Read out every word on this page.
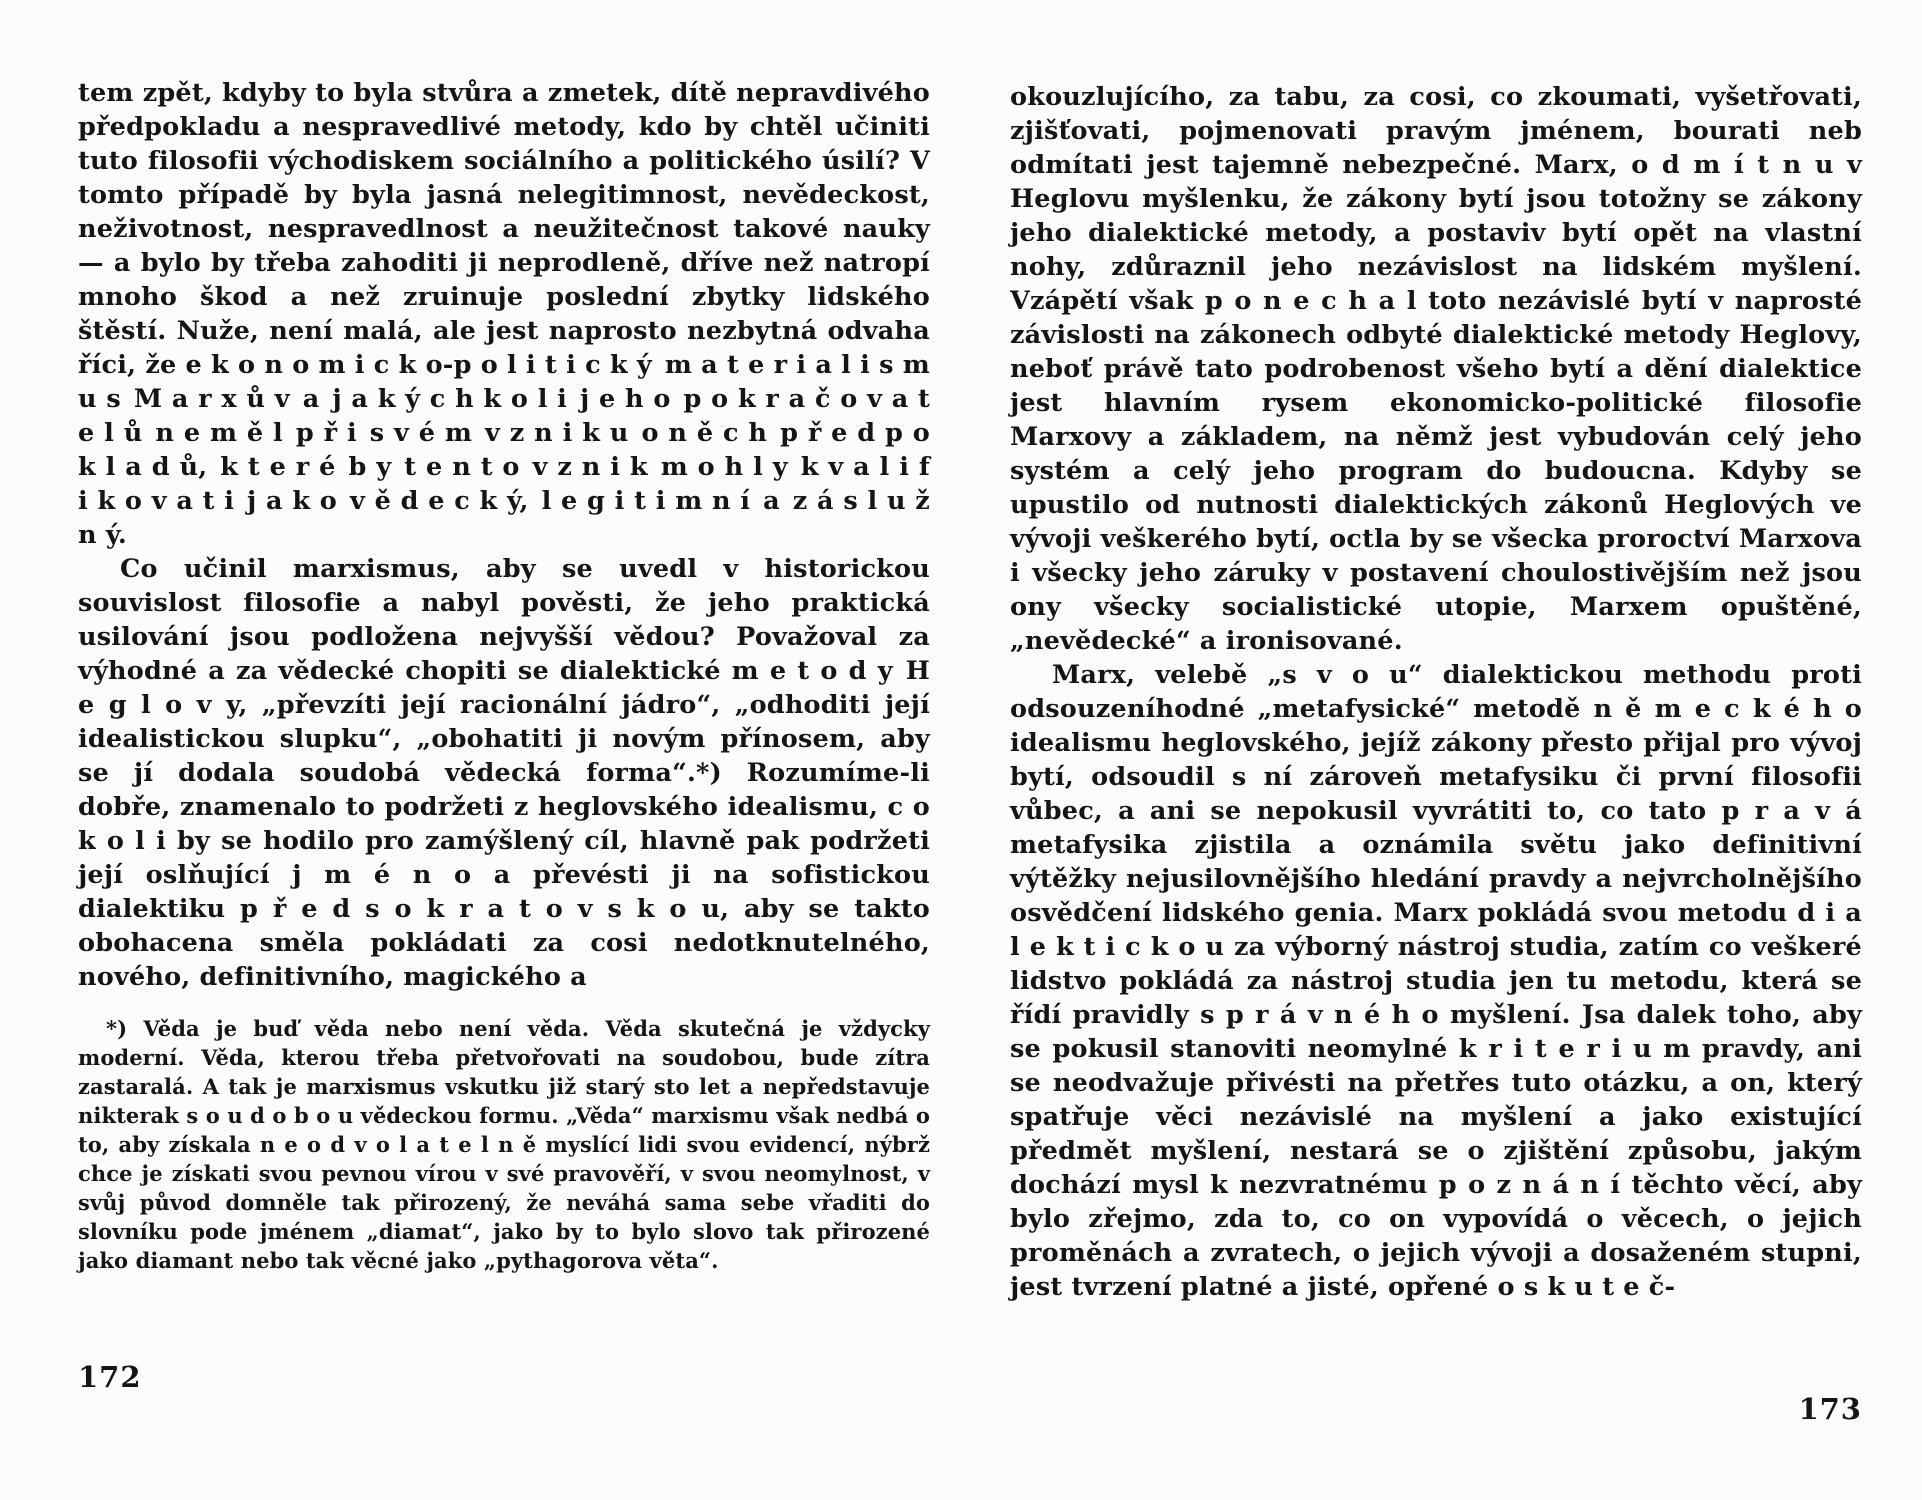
tem zpět, kdyby to byla stvůra a zmetek, dítě nepravdivého předpokladu a nespravedlivé metody, kdo by chtěl učiniti tuto filosofii východiskem sociálního a politického úsilí? V tomto případě by byla jasná nelegitimnost, nevědeckost, neživotnost, nespravedlnost a neužitečnost takové nauky — a bylo by třeba zahoditi ji neprodleně, dříve než natropí mnoho škod a než zruinuje poslední zbytky lidského štěstí. Nuže, není malá, ale jest naprosto nezbytná odvaha říci, že e k o n o m i c k o-p o l i t i c k ý m a t e r i a l i s m u s M a r x ů v a j a k ý c h k o l i j e h o p o k r a č o v a t e l ů n e m ě l p ř i s v é m v z n i k u o n ě c h p ř e d p o k l a d ů, k t e r é b y t e n t o v z n i k m o h l y k v a l i f i k o v a t i j a k o v ě d e c k ý, l e g i t i m n í a z á s l u ž n ý.

Co učinil marxismus, aby se uvedl v historickou souvislost filosofie a nabyl pověsti, že jeho praktická usilování jsou podložena nejvyšší vědou? Považoval za výhodné a za vědecké chopiti se dialektické m e t o d y H e g l o v y, „převzíti její racionální jádro“, „odhoditi její idealistickou slupku“, „obohatiti ji novým přínosem, aby se jí dodala soudobá vědecká forma“.*) Rozumíme-li dobře, znamenalo to podržeti z heglovského idealismu, c o k o l i by se hodilo pro zamýšlený cíl, hlavně pak podržeti její oslňující j m é n o a převésti ji na sofistickou dialektiku p ř e d s o k r a t o v s k o u, aby se takto obohacena směla pokládati za cosi nedotknutelného, nového, definitivního, magického a

*) Věda je buď věda nebo není věda. Věda skutečná je vždycky moderní. Věda, kterou třeba přetvořovati na soudobou, bude zítra zastaralá. A tak je marxismus vskutku již starý sto let a nepředstavuje nikterak s o u d o b o u vědeckou formu. „Věda“ marxismu však nedbá o to, aby získala n e o d v o l a t e l n ě myslící lidi svou evidencí, nýbrž chce je získati svou pevnou vírou v své pravověří, v svou neomylnost, v svůj původ domněle tak přirozený, že neváhá sama sebe vřaditi do slovníku pode jménem „diamat“, jako by to bylo slovo tak přirozené jako diamant nebo tak věcné jako „pythagorova věta“.

okouzlujícího, za tabu, za cosi, co zkoumati, vyšetřovati, zjišťovati, pojmenovati pravým jménem, bourati neb odmítati jest tajemně nebezpečné. Marx, o d m í t n u v Heglovu myšlenku, že zákony bytí jsou totožny se zákony jeho dialektické metody, a postaviv bytí opět na vlastní nohy, zdůraznil jeho nezávislost na lidském myšlení. Vzápětí však p o n e c h a l toto nezávislé bytí v naprosté závislosti na zákonech odbyté dialektické metody Heglovy, neboť právě tato podrobenost všeho bytí a dění dialektice jest hlavním rysem ekonomicko-politické filosofie Marxovy a základem, na němž jest vybudován celý jeho systém a celý jeho program do budoucna. Kdyby se upustilo od nutnosti dialektických zákonů Heglových ve vývoji veškerého bytí, octla by se všecka proroctví Marxova i všecky jeho záruky v postavení choulostivějším než jsou ony všecky socialistické utopie, Marxem opuštěné, „nevědecké“ a ironisované.

Marx, velebě „s v o u“ dialektickou methodu proti odsouzeníhodné „metafysické“ metodě n ě m e c k é h o idealismu heglovského, jejíž zákony přesto přijal pro vývoj bytí, odsoudil s ní zároveň metafysiku či první filosofii vůbec, a ani se nepokusil vyvrátiti to, co tato p r a v á metafysika zjistila a oznámila světu jako definitivní výtěžky nejusilovnějšího hledání pravdy a nejvrcholnějšího osvědčení lidského genia. Marx pokládá svou metodu d i a l e k t i c k o u za výborný nástroj studia, zatím co veškeré lidstvo pokládá za nástroj studia jen tu metodu, která se řídí pravidly s p r á v n é h o myšlení. Jsa dalek toho, aby se pokusil stanoviti neomylné k r i t e r i u m pravdy, ani se neodvažuje přivésti na přetřes tuto otázku, a on, který spatřuje věci nezávislé na myšlení a jako existující předmět myšlení, nestará se o zjištění způsobu, jakým dochází mysl k nezvratnému p o z n á n í těchto věcí, aby bylo zřejmo, zda to, co on vypovídá o věcech, o jejich proměnách a zvratech, o jejich vývoji a dosaženém stupni, jest tvrzení platné a jisté, opřené o s k u t e č-

172
173
